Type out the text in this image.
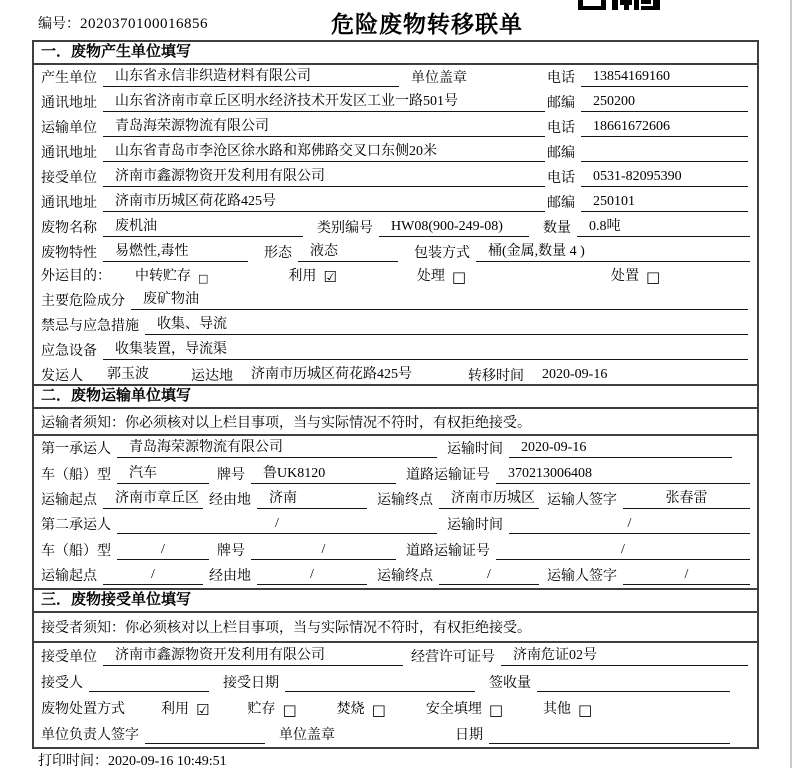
编号：2020370100016856	危险废物转移联单
一．废物产生单位填写
产生单位	山东省永信非织造材料有限公司	单位盖章	电话	13854169160
通讯地址	山东省济南市章丘区明水经济技术开发区工业一路501号	邮编	250200
运输单位	青岛海荣源物流有限公司	电话	18661672606
通讯地址	山东省青岛市李沧区徐水路和郑佛路交叉口东侧20米	邮编
接受单位	济南市鑫源物资开发利用有限公司	电话	0531-82095390
通讯地址	济南市历城区荷花路425号	邮编	250101
废物名称	废机油	类别编号	HW08(900-249-08)	数量	0.8吨
废物特性	易燃性,毒性	形态	液态	包装方式	桶(金属,数量 4 )
外运目的： 中转贮存 □	利用 ☑	处理 □	处置 □
主要危险成分	废矿物油
禁忌与应急措施	收集、导流
应急设备	收集装置，导流渠
发运人	郭玉波	运达地	济南市历城区荷花路425号	转移时间	2020-09-16
二．废物运输单位填写
运输者须知：你必须核对以上栏目事项，当与实际情况不符时，有权拒绝接受。
第一承运人	青岛海荣源物流有限公司	运输时间	2020-09-16
车（船）型	汽车	牌号	鲁UK8120	道路运输证号	370213006408
运输起点	济南市章丘区 经由地	济南	运输终点	济南市历城区 运输人签字	张春雷
第二承运人	/	运输时间	/
车（船）型	/	牌号	/	道路运输证号	/
运输起点	/	经由地	/	运输终点	/	运输人签字	/
三．废物接受单位填写
接受者须知：你必须核对以上栏目事项，当与实际情况不符时，有权拒绝接受。
接受单位	济南市鑫源物资开发利用有限公司	经营许可证号	济南危证02号
接受人	接受日期	签收量
废物处置方式	利用 ☑	贮存 □	焚烧 □	安全填埋 □	其他 □
单位负责人签字	单位盖章	日期
打印时间：2020-09-16 10:49:51
